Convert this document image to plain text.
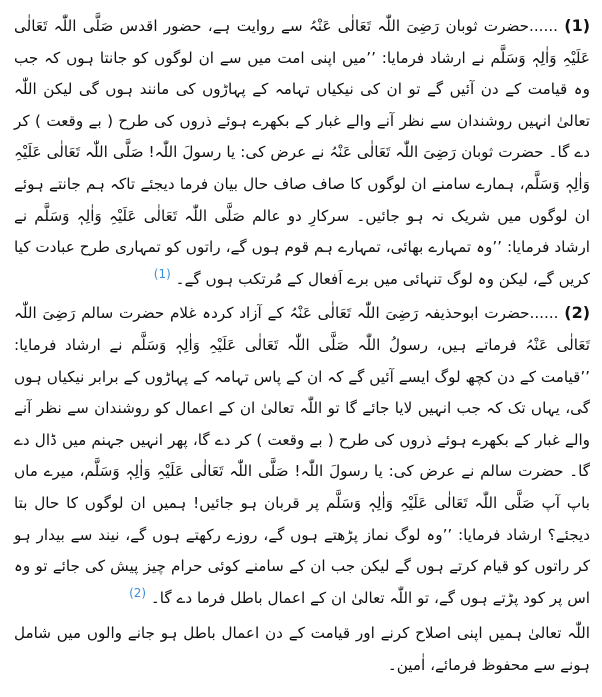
(1) ......حضرت ثوبان رَضِیَ اللّٰہ تَعَالٰی عَنْہُ سے روایت ہے، حضور اقدس صَلَّی اللّٰہ تَعَالٰی عَلَیْہِ وَاٰلِہٖ وَسَلَّم نے ارشاد فرمایا: ’’میں اپنی امت میں سے ان لوگوں کو جانتا ہوں کہ جب وہ قیامت کے دن آئیں گے تو ان کی نیکیاں تہامہ کے پہاڑوں کی مانند ہوں گی لیکن اللّٰہ تعالیٰ انہیں روشندان سے نظر آنے والے غبار کے بکھرے ہوئے ذروں کی طرح ( بے وقعت ) کر دے گا۔ حضرت ثوبان رَضِیَ اللّٰہ تَعَالٰی عَنْہُ نے عرض کی: یا رسولَ اللّٰہ! صَلَّی اللّٰہ تَعَالٰی عَلَیْہِ وَاٰلِہٖ وَسَلَّم، ہمارے سامنے ان لوگوں کا صاف صاف حال بیان فرما دیجئے تاکہ ہم جانتے ہوئے ان لوگوں میں شریک نہ ہو جائیں۔ سرکارِ دو عالم صَلَّی اللّٰہ تَعَالٰی عَلَیْہِ وَاٰلِہٖ وَسَلَّم نے ارشاد فرمایا: ’’وہ تمہارے بھائی، تمہارے ہم قوم ہوں گے، راتوں کو تمہاری طرح عبادت کیا کریں گے، لیکن وہ لوگ تنہائی میں برے اَفعال کے مُرتکب ہوں گے۔ $^{(1)}$

(2) ......حضرت ابوحذیفہ رَضِیَ اللّٰہ تَعَالٰی عَنْہُ کے آزاد کردہ غلام حضرت سالم رَضِیَ اللّٰہ تَعَالٰی عَنْہُ فرماتے ہیں، رسولُ اللّٰہ صَلَّی اللّٰہ تَعَالٰی عَلَیْہِ وَاٰلِہٖ وَسَلَّم نے ارشاد فرمایا: ’’قیامت کے دن کچھ لوگ ایسے آئیں گے کہ ان کے پاس تہامہ کے پہاڑوں کے برابر نیکیاں ہوں گی، یہاں تک کہ جب انہیں لایا جائے گا تو اللّٰہ تعالیٰ ان کے اعمال کو روشندان سے نظر آنے والے غبار کے بکھرے ہوئے ذروں کی طرح ( بے وقعت ) کر دے گا، پھر انہیں جہنم میں ڈال دے گا۔ حضرت سالم نے عرض کی: یا رسولَ اللّٰہ! صَلَّی اللّٰہ تَعَالٰی عَلَیْہِ وَاٰلِہٖ وَسَلَّم، میرے ماں باپ آپ صَلَّی اللّٰہ تَعَالٰی عَلَیْہِ وَاٰلِہٖ وَسَلَّم پر قربان ہو جائیں! ہمیں ان لوگوں کا حال بتا دیجئے؟ ارشاد فرمایا: ’’وہ لوگ نماز پڑھتے ہوں گے، روزے رکھتے ہوں گے، نیند سے بیدار ہو کر راتوں کو قیام کرتے ہوں گے لیکن جب ان کے سامنے کوئی حرام چیز پیش کی جائے تو وہ اس پر کود پڑتے ہوں گے، تو اللّٰہ تعالیٰ ان کے اعمال باطل فرما دے گا۔ $^{(2)}$

اللّٰہ تعالیٰ ہمیں اپنی اصلاح کرنے اور قیامت کے دن اعمال باطل ہو جانے والوں میں شامل ہونے سے محفوظ فرمائے، اٰمین۔
